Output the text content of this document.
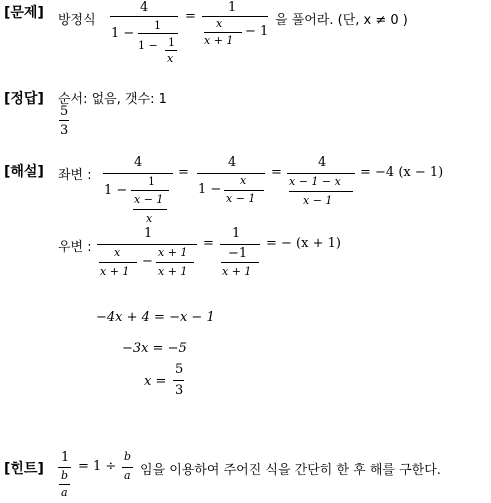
[문제] 방정식
4
1 −
1
1 − 1
x
=
1
x
x + 1
− 1
을 풀어라. (단, x ≠ 0 )
[정답] 순서: 없음, 갯수: 1
5
3
[해설] 좌변 :
4
1 −
1
x − 1
x
=
4
1 −
x
x − 1
=
4
x − 1 − x
x − 1
= −4 (x − 1)
우변 :
1
x
x + 1
−
x + 1
x + 1
=
1
−1
x + 1
= − (x + 1)
−4x + 4 = −x − 1
−3x = −5
x =
5
3
[힌트]
1
b
a
= 1 ÷
b
a 임을 이용하여 주어진 식을 간단히 한 후 해를 구한다.
